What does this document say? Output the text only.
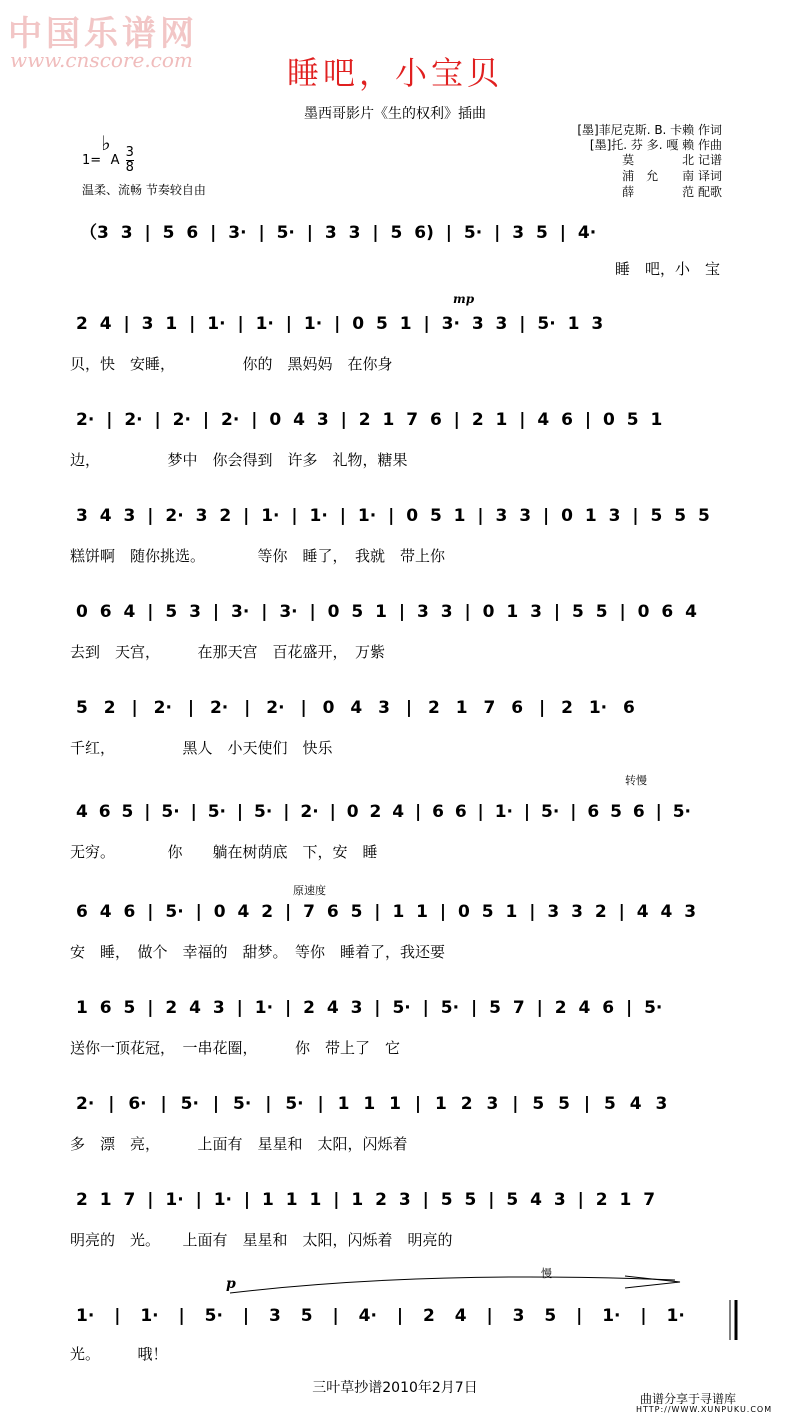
中国乐谱网
www.cnscore.com	睡吧，小宝贝
墨西哥影片《生的权利》插曲
[墨]菲尼克斯. B. 卡赖 作词
[墨]托. 芬 多. 嘎 赖 作曲
莫　　　　北 记谱
浦　允　　南 译词
薛　　　　范 配歌
1=♭A $\frac{3}{8}$
温柔、流畅 节奏较自由
mp
转慢
原速度
p
慢
（3 3 | 5 6 | 3· | 5· | 3 3 | 5 6) | 5· | 3 5 | 4·
睡　吧，小　宝
2 4 | 3 1 | 1· | 1· | 1· | 0 5 1 | 3· 3 3 | 5· 1 3
贝，快　安睡，　　　　　你的　黑妈妈　在你身
2· | 2· | 2· | 2· | 0 4 3 | 2 1 7 6 | 2 1 | 4 6 | 0 5 1
边，　　　　　梦中　你会得到　许多　礼物，糖果
3 4 3 | 2· 3 2 | 1· | 1· | 1· | 0 5 1 | 3 3 | 0 1 3 | 5 5 5
糕饼啊　随你挑选。　　　　等你　睡了，　我就　带上你
0 6 4 | 5 3 | 3· | 3· | 0 5 1 | 3 3 | 0 1 3 | 5 5 | 0 6 4
去到　天宫，　　　在那天宫　百花盛开，　万紫
5 2 | 2· | 2· | 2· | 0 4 3 | 2 1 7 6 | 2 1· 6
千红，　　　　　黑人　小天使们　快乐
4 6 5 | 5· | 5· | 5· | 2· | 0 2 4 | 6 6 | 1· | 5· | 6 5 6 | 5·
无穷。　　　　你　　躺在树荫底　下，安　睡
6 4 6 | 5· | 0 4 2 | 7 6 5 | 1 1 | 0 5 1 | 3 3 2 | 4 4 3
安　睡，　做个　幸福的　甜梦。　等你　睡着了，我还要
1 6 5 | 2 4 3 | 1· | 2 4 3 | 5· | 5· | 5 7 | 2 4 6 | 5·
送你一顶花冠，　一串花圈，　　　你　带上了　它
2· | 6· | 5· | 5· | 5· | 1 1 1 | 1 2 3 | 5 5 | 5 4 3
多　漂　亮，　　　上面有　星星和　太阳，闪烁着
2 1 7 | 1· | 1· | 1 1 1 | 1 2 3 | 5 5 | 5 4 3 | 2 1 7
明亮的　光。　　上面有　星星和　太阳，闪烁着　明亮的
1· | 1· | 5· | 3 5 | 4· | 2 4 | 3 5 | 1· | 1·
光。　　　哦！
三叶草抄谱2010年2月7日
曲谱分享于寻谱库
HTTP://WWW.XUNPUKU.COM
